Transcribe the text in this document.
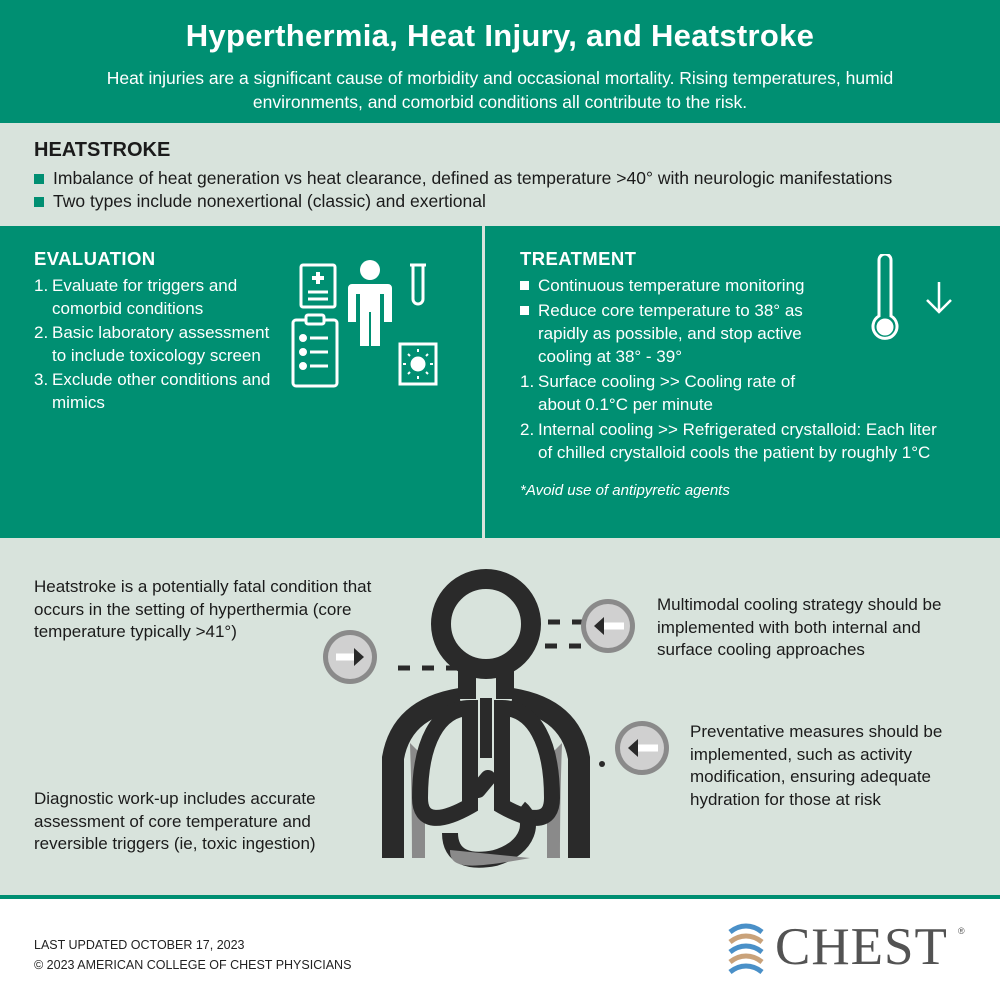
Hyperthermia, Heat Injury, and Heatstroke

Heat injuries are a significant cause of morbidity and occasional mortality. Rising temperatures, humid environments, and comorbid conditions all contribute to the risk.

HEATSTROKE
Imbalance of heat generation vs heat clearance, defined as temperature >40° with neurologic manifestations
Two types include nonexertional (classic) and exertional
EVALUATION
1. Evaluate for triggers and comorbid conditions
2. Basic laboratory assessment to include toxicology screen
3. Exclude other conditions and mimics
TREATMENT
Continuous temperature monitoring
Reduce core temperature to 38° as rapidly as possible, and stop active cooling at 38° - 39°
1. Surface cooling >> Cooling rate of about 0.1°C per minute
2. Internal cooling >> Refrigerated crystalloid: Each liter of chilled crystalloid cools the patient by roughly 1°C
*Avoid use of antipyretic agents
Heatstroke is a potentially fatal condition that occurs in the setting of hyperthermia (core temperature typically >41°)
Diagnostic work-up includes accurate assessment of core temperature and reversible triggers (ie, toxic ingestion)
Multimodal cooling strategy should be implemented with both internal and surface cooling approaches
Preventative measures should be implemented, such as activity modification, ensuring adequate hydration for those at risk
LAST UPDATED OCTOBER 17, 2023
© 2023 AMERICAN COLLEGE OF CHEST PHYSICIANS	CHEST ®
